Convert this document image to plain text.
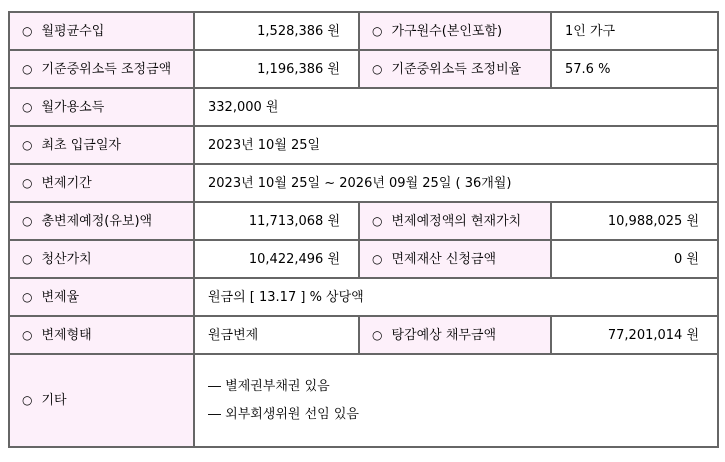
○ 월평균수입	1,528,386 원	○ 가구원수(본인포함)	1인 가구
○ 기준중위소득 조정금액	1,196,386 원	○ 기준중위소득 조정비율	57.6 %
○ 월가용소득	332,000 원		
○ 최초 입금일자	2023년 10월 25일		
○ 변제기간	2023년 10월 25일 ~ 2026년 09월 25일 ( 36개월)		
○ 총변제예정(유보)액	11,713,068 원	○ 변제예정액의 현재가치	10,988,025 원
○ 청산가치	10,422,496 원	○ 면제재산 신청금액	0 원
○ 변제율	원금의 [ 13.17 ] % 상당액		
○ 변제형태	원금변제	○ 탕감예상 채무금액	77,201,014 원
○ 기타	― 별제권부채권 있음
― 외부회생위원 선임 있음		
